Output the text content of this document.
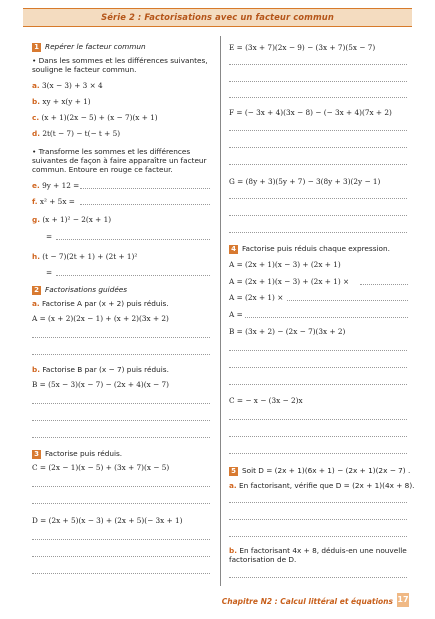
Série 2 : Factorisations avec un facteur commun
1 Repérer le facteur commun
• Dans les sommes et les différences suivantes, souligne le facteur commun.
a. 3(x − 3) + 3 × 4
b. xy + x(y + 1)
c. (x + 1)(2x − 5) + (x − 7)(x + 1)
d. 2t(t − 7) − t(− t + 5)
• Transforme les sommes et les différences suivantes de façon à faire apparaître un facteur commun. Entoure en rouge ce facteur.
e. 9y + 12 =
f. x² + 5x =
g. (x + 1)² − 2(x + 1)
=
h. (t − 7)(2t + 1) + (2t + 1)²
=
2 Factorisations guidées
a. Factorise A par (x + 2) puis réduis.
A = (x + 2)(2x − 1) + (x + 2)(3x + 2)
b. Factorise B par (x − 7) puis réduis.
B = (5x − 3)(x − 7) − (2x + 4)(x − 7)
3 Factorise puis réduis.
C = (2x − 1)(x − 5) + (3x + 7)(x − 5)
D = (2x + 5)(x − 3) + (2x + 5)(− 3x + 1)
E = (3x + 7)(2x − 9) − (3x + 7)(5x − 7)
F = (− 3x + 4)(3x − 8) − (− 3x + 4)(7x + 2)
G = (8y + 3)(5y + 7) − 3(8y + 3)(2y − 1)
4 Factorise puis réduis chaque expression.
A = (2x + 1)(x − 3) + (2x + 1)
A = (2x + 1)(x − 3) + (2x + 1) ×
A = (2x + 1) ×
A =
B = (3x + 2) − (2x − 7)(3x + 2)
C = − x − (3x − 2)x
5 Soit D = (2x + 1)(6x + 1) − (2x + 1)(2x − 7) .
a. En factorisant, vérifie que D = (2x + 1)(4x + 8).
b. En factorisant 4x + 8, déduis-en une nouvelle factorisation de D.
Chapitre N2 : Calcul littéral et équations 17
